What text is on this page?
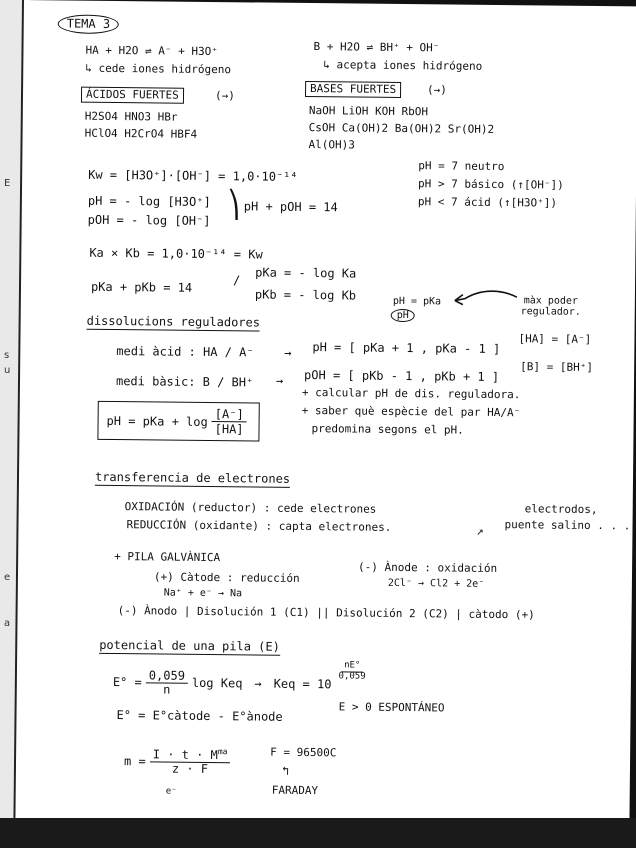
E
s
u
e
a
TEMA 3
HA + H2O ⇌ A⁻ + H3O⁺
↳ cede iones hidrógeno
ÁCIDOS FUERTES	(→)
H2SO4 HNO3 HBr
HClO4 H2CrO4 HBF4
B + H2O ⇌ BH⁺ + OH⁻
↳ acepta iones hidrógeno
BASES FUERTES	(→)
NaOH LiOH KOH RbOH
CsOH Ca(OH)2 Ba(OH)2 Sr(OH)2
Al(OH)3
Kw = [H3O⁺]·[OH⁻] = 1,0·10⁻¹⁴
pH = - log [H3O⁺]
pOH = - log [OH⁻]
⎞ pH + pOH = 14
pH = 7 neutro
pH > 7 básico (↑[OH⁻])
pH < 7 ácid (↑[H3O⁺])
Ka × Kb = 1,0·10⁻¹⁴ = Kw
pKa + pKb = 14	/ pKa = - log Ka
pKb = - log Kb	pH = pKa
pH
màx poder regulador.
dissolucions reguladores
medi àcid : HA / A⁻	→ pH = [ pKa + 1 , pKa - 1 ]
[HA] = [A⁻]
medi bàsic: B / BH⁺ → pOH = [ pKb - 1 , pKb + 1 ]
[B] = [BH⁺]
pH = pKa + $\log \frac{[A^-]}{[HA]}$
+ calcular pH de dis. reguladora.
+ saber què espècie del par HA/A⁻
predomina segons el pH.
transferencia de electrones
OXIDACIÓN (reductor) : cede electrones
REDUCCIÓN (oxidante) : capta electrones.
electrodos,
puente salino . . .
↗
+ PILA GALVÀNICA
(+) Càtode : reducción
Na⁺ + e⁻ → Na
(-) Ànode : oxidación
2Cl⁻ → Cl2 + 2e⁻
(-) Ànodo | Disolución 1 (C1) || Disolución 2 (C2) | càtodo (+)
potencial de una pila (E)
$E^\circ = \frac{0,059}{n}$ log Keq → Keq = 10
$\frac{nE^\circ}{0,059}$
E° = E°càtode - E°ànode
E > 0 ESPONTÁNEO
$m = \frac{I \cdot t \cdot M^{ma}}{z \cdot F}$
e⁻
F = 96500C
↰
FARADAY
